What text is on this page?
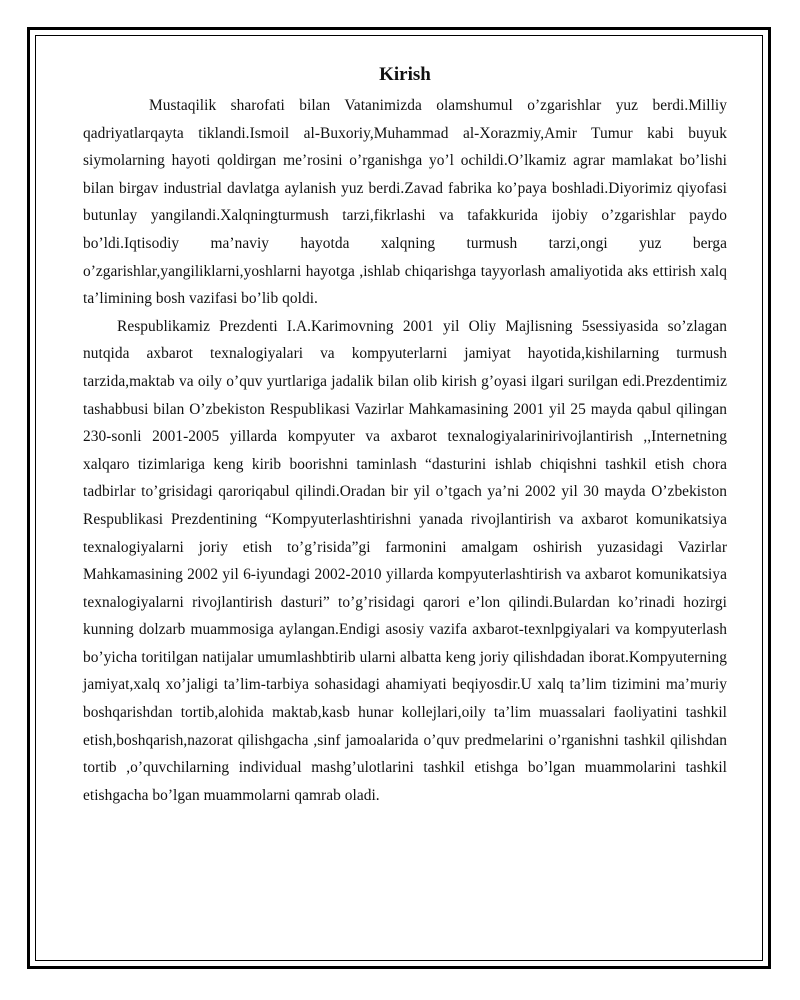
Kirish

Mustaqilik sharofati bilan Vatanimizda olamshumul o’zgarishlar yuz berdi.Milliy qadriyatlarqayta tiklandi.Ismoil al-Buxoriy,Muhammad al-Xorazmiy,Amir Tumur kabi buyuk siymolarning hayoti qoldirgan me’rosini o’rganishga yo’l ochildi.O’lkamiz agrar mamlakat bo’lishi bilan birgav industrial davlatga aylanish yuz berdi.Zavad fabrika ko’paya boshladi.Diyorimiz qiyofasi butunlay yangilandi.Xalqningturmush tarzi,fikrlashi va tafakkurida ijobiy o’zgarishlar paydo bo’ldi.Iqtisodiy ma’naviy hayotda xalqning turmush tarzi,ongi yuz berga o’zgarishlar,yangiliklarni,yoshlarni hayotga ,ishlab chiqarishga tayyorlash amaliyotida aks ettirish xalq ta’limining bosh vazifasi bo’lib qoldi.

Respublikamiz Prezdenti I.A.Karimovning 2001 yil Oliy Majlisning 5sessiyasida so’zlagan nutqida axbarot texnalogiyalari va kompyuterlarni jamiyat hayotida,kishilarning turmush tarzida,maktab va oily o’quv yurtlariga jadalik bilan olib kirish g’oyasi ilgari surilgan edi.Prezdentimiz tashabbusi bilan O’zbekiston Respublikasi Vazirlar Mahkamasining 2001 yil 25 mayda qabul qilingan 230-sonli 2001-2005 yillarda kompyuter va axbarot texnalogiyalarinirivojlantirish ,,Internetning xalqaro tizimlariga keng kirib boorishni taminlash “dasturini ishlab chiqishni tashkil etish chora tadbirlar to’grisidagi qaroriqabul qilindi.Oradan bir yil o’tgach ya’ni 2002 yil 30 mayda O’zbekiston Respublikasi Prezdentining “Kompyuterlashtirishni yanada rivojlantirish va axbarot komunikatsiya texnalogiyalarni joriy etish to’g’risida”gi farmonini amalgam oshirish yuzasidagi Vazirlar Mahkamasining 2002 yil 6-iyundagi 2002-2010 yillarda kompyuterlashtirish va axbarot komunikatsiya texnalogiyalarni rivojlantirish dasturi” to’g’risidagi qarori e’lon qilindi.Bulardan ko’rinadi hozirgi kunning dolzarb muammosiga aylangan.Endigi asosiy vazifa axbarot-texnlpgiyalari va kompyuterlash bo’yicha toritilgan natijalar umumlashbtirib ularni albatta keng joriy qilishdadan iborat.Kompyuterning jamiyat,xalq xo’jaligi ta’lim-tarbiya sohasidagi ahamiyati beqiyosdir.U xalq ta’lim tizimini ma’muriy boshqarishdan tortib,alohida maktab,kasb hunar kollejlari,oily ta’lim muassalari faoliyatini tashkil etish,boshqarish,nazorat qilishgacha ,sinf jamoalarida o’quv predmelarini o’rganishni tashkil qilishdan tortib ,o’quvchilarning individual mashg’ulotlarini tashkil etishga bo’lgan muammolarini tashkil etishgacha bo’lgan muammolarni qamrab oladi.
